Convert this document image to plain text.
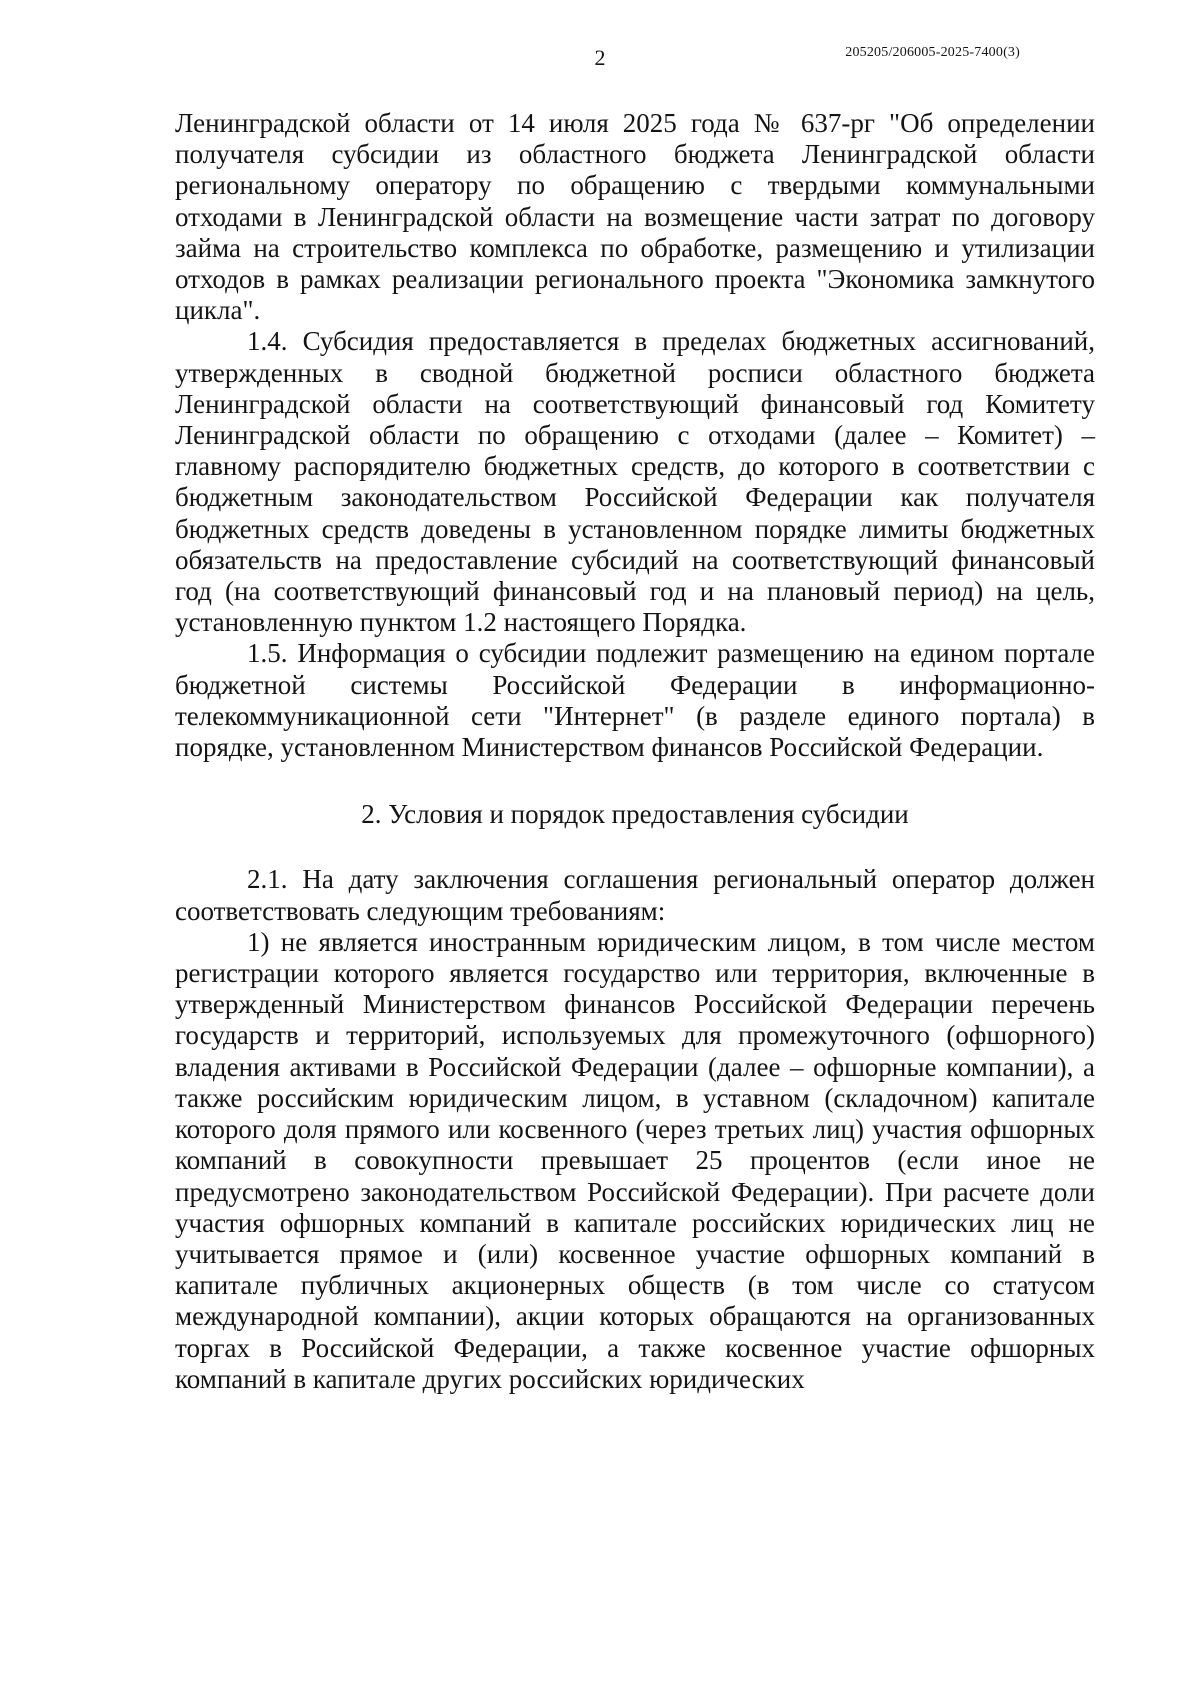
2	205205/206005-2025-7400(3)

Ленинградской области от 14 июля 2025 года № 637-рг "Об определении получателя субсидии из областного бюджета Ленинградской области региональному оператору по обращению с твердыми коммунальными отходами в Ленинградской области на возмещение части затрат по договору займа на строительство комплекса по обработке, размещению и утилизации отходов в рамках реализации регионального проекта "Экономика замкнутого цикла".

1.4. Субсидия предоставляется в пределах бюджетных ассигнований, утвержденных в сводной бюджетной росписи областного бюджета Ленинградской области на соответствующий финансовый год Комитету Ленинградской области по обращению с отходами (далее – Комитет) – главному распорядителю бюджетных средств, до которого в соответствии с бюджетным законодательством Российской Федерации как получателя бюджетных средств доведены в установленном порядке лимиты бюджетных обязательств на предоставление субсидий на соответствующий финансовый год (на соответствующий финансовый год и на плановый период) на цель, установленную пунктом 1.2 настоящего Порядка.

1.5. Информация о субсидии подлежит размещению на едином портале бюджетной системы Российской Федерации в информационно-телекоммуникационной сети "Интернет" (в разделе единого портала) в порядке, установленном Министерством финансов Российской Федерации.

2. Условия и порядок предоставления субсидии

2.1. На дату заключения соглашения региональный оператор должен соответствовать следующим требованиям:

1) не является иностранным юридическим лицом, в том числе местом регистрации которого является государство или территория, включенные в утвержденный Министерством финансов Российской Федерации перечень государств и территорий, используемых для промежуточного (офшорного) владения активами в Российской Федерации (далее – офшорные компании), а также российским юридическим лицом, в уставном (складочном) капитале которого доля прямого или косвенного (через третьих лиц) участия офшорных компаний в совокупности превышает 25 процентов (если иное не предусмотрено законодательством Российской Федерации). При расчете доли участия офшорных компаний в капитале российских юридических лиц не учитывается прямое и (или) косвенное участие офшорных компаний в капитале публичных акционерных обществ (в том числе со статусом международной компании), акции которых обращаются на организованных торгах в Российской Федерации, а также косвенное участие офшорных компаний в капитале других российских юридических
